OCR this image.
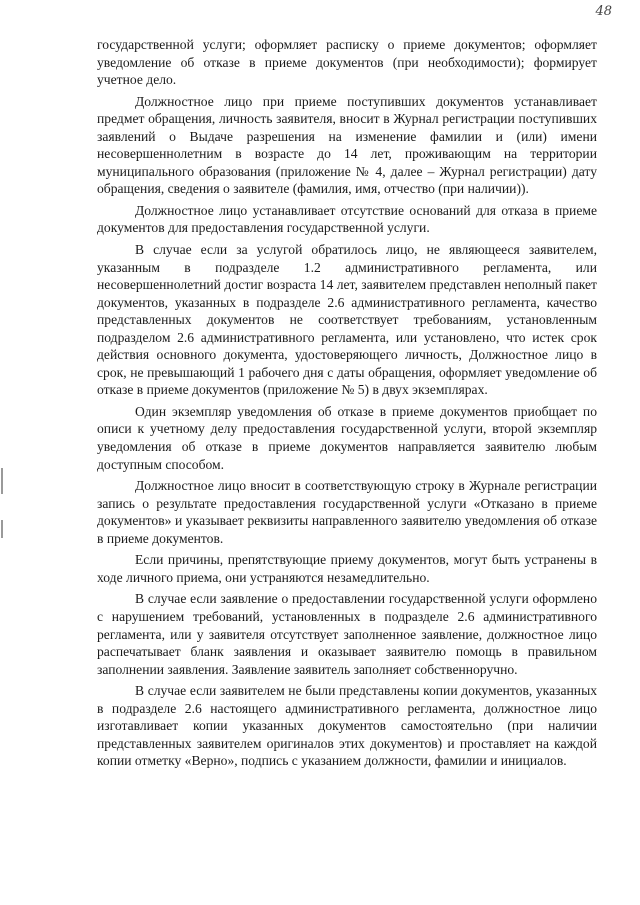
48

государственной услуги; оформляет расписку о приеме документов; оформляет уведомление об отказе в приеме документов (при необходимости); формирует учетное дело.

Должностное лицо при приеме поступивших документов устанавливает предмет обращения, личность заявителя, вносит в Журнал регистрации поступивших заявлений о Выдаче разрешения на изменение фамилии и (или) имени несовершеннолетним в возрасте до 14 лет, проживающим на территории муниципального образования (приложение № 4, далее – Журнал регистрации) дату обращения, сведения о заявителе (фамилия, имя, отчество (при наличии)).

Должностное лицо устанавливает отсутствие оснований для отказа в приеме документов для предоставления государственной услуги.

В случае если за услугой обратилось лицо, не являющееся заявителем, указанным в подразделе 1.2 административного регламента, или несовершеннолетний достиг возраста 14 лет, заявителем представлен неполный пакет документов, указанных в подразделе 2.6 административного регламента, качество представленных документов не соответствует требованиям, установленным подразделом 2.6 административного регламента, или установлено, что истек срок действия основного документа, удостоверяющего личность, Должностное лицо в срок, не превышающий 1 рабочего дня с даты обращения, оформляет уведомление об отказе в приеме документов (приложение № 5) в двух экземплярах.

Один экземпляр уведомления об отказе в приеме документов приобщает по описи к учетному делу предоставления государственной услуги, второй экземпляр уведомления об отказе в приеме документов направляется заявителю любым доступным способом.

Должностное лицо вносит в соответствующую строку в Журнале регистрации запись о результате предоставления государственной услуги «Отказано в приеме документов» и указывает реквизиты направленного заявителю уведомления об отказе в приеме документов.

Если причины, препятствующие приему документов, могут быть устранены в ходе личного приема, они устраняются незамедлительно.

В случае если заявление о предоставлении государственной услуги оформлено с нарушением требований, установленных в подразделе 2.6 административного регламента, или у заявителя отсутствует заполненное заявление, должностное лицо распечатывает бланк заявления и оказывает заявителю помощь в правильном заполнении заявления. Заявление заявитель заполняет собственноручно.

В случае если заявителем не были представлены копии документов, указанных в подразделе 2.6 настоящего административного регламента, должностное лицо изготавливает копии указанных документов самостоятельно (при наличии представленных заявителем оригиналов этих документов) и проставляет на каждой копии отметку «Верно», подпись с указанием должности, фамилии и инициалов.
